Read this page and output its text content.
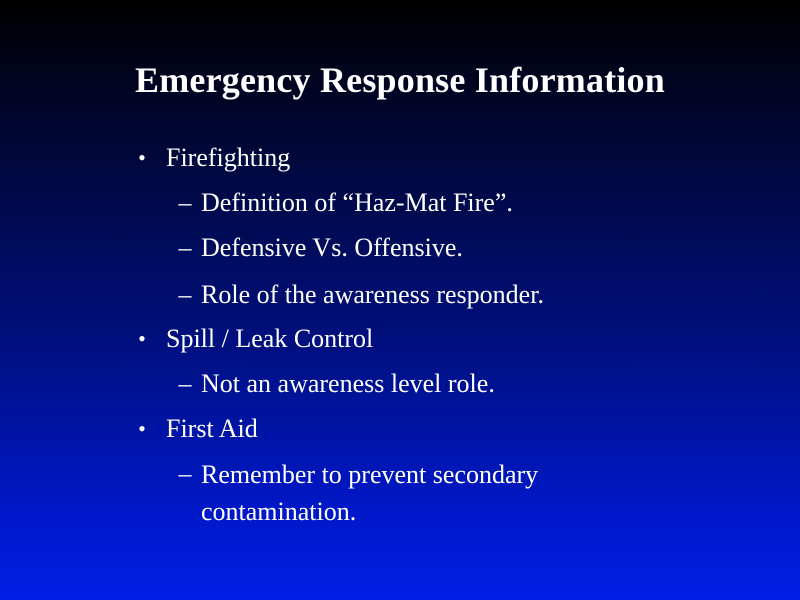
Emergency Response Information
• Firefighting
– Definition of “Haz-Mat Fire”.
– Defensive Vs. Offensive.
– Role of the awareness responder.
• Spill / Leak Control
– Not an awareness level role.
• First Aid
– Remember to prevent secondary contamination.
